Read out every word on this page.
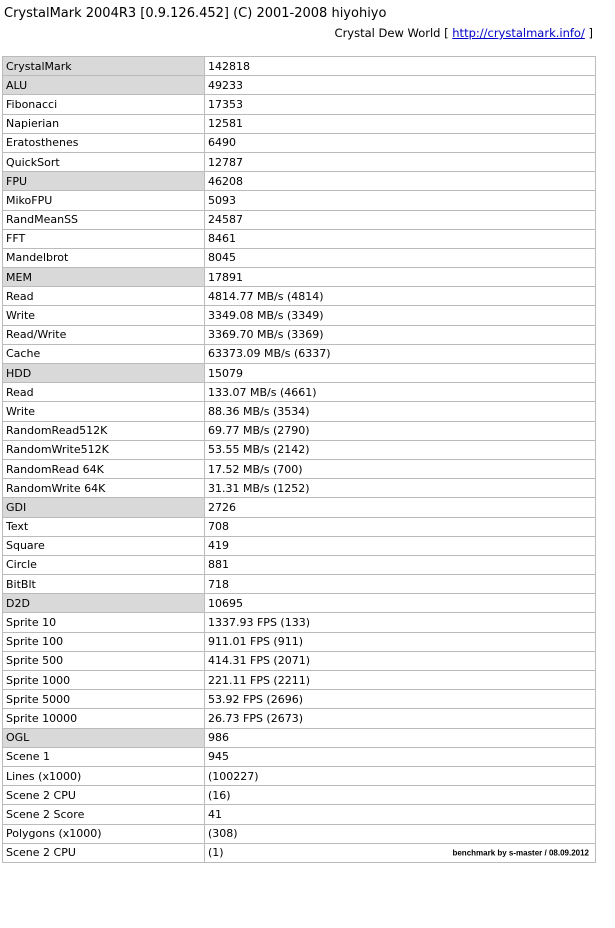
CrystalMark 2004R3 [0.9.126.452] (C) 2001-2008 hiyohiyo
Crystal Dew World [ http://crystalmark.info/ ]
CrystalMark	142818
ALU	49233
Fibonacci	17353
Napierian	12581
Eratosthenes	6490
QuickSort	12787
FPU	46208
MikoFPU	5093
RandMeanSS	24587
FFT	8461
Mandelbrot	8045
MEM	17891
Read	4814.77 MB/s (4814)
Write	3349.08 MB/s (3349)
Read/Write	3369.70 MB/s (3369)
Cache	63373.09 MB/s (6337)
HDD	15079
Read	133.07 MB/s (4661)
Write	88.36 MB/s (3534)
RandomRead512K	69.77 MB/s (2790)
RandomWrite512K	53.55 MB/s (2142)
RandomRead 64K	17.52 MB/s (700)
RandomWrite 64K	31.31 MB/s (1252)
GDI	2726
Text	708
Square	419
Circle	881
BitBlt	718
D2D	10695
Sprite 10	1337.93 FPS (133)
Sprite 100	911.01 FPS (911)
Sprite 500	414.31 FPS (2071)
Sprite 1000	221.11 FPS (2211)
Sprite 5000	53.92 FPS (2696)
Sprite 10000	26.73 FPS (2673)
OGL	986
Scene 1	945
Lines (x1000)	(100227)
Scene 2 CPU	(16)
Scene 2 Score	41
Polygons (x1000)	(308)
Scene 2 CPU	(1) benchmark by s-master / 08.09.2012
